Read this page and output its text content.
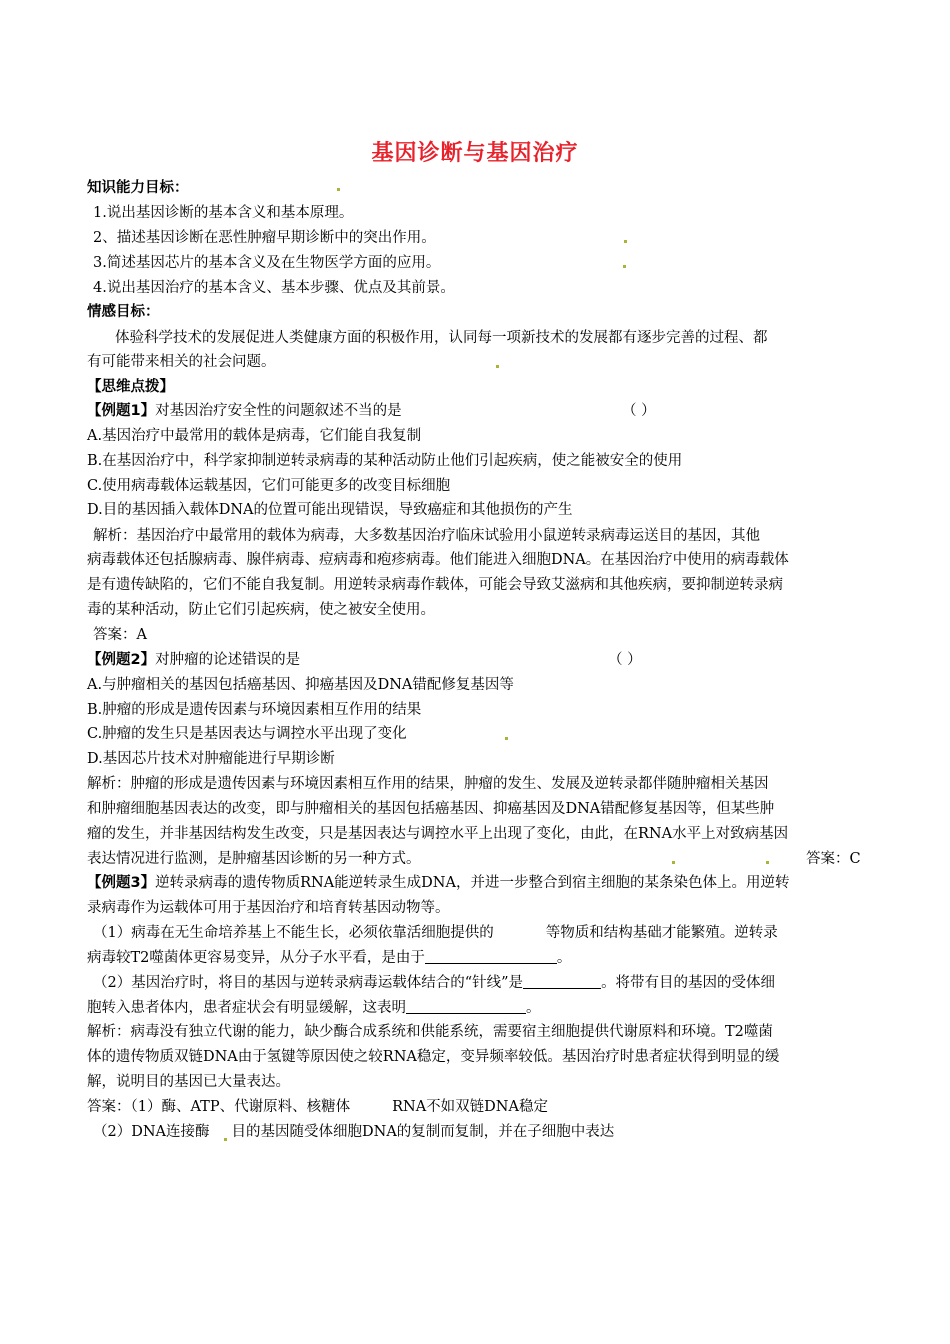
基因诊断与基因治疗
知识能力目标：
1.说出基因诊断的基本含义和基本原理。
2、描述基因诊断在恶性肿瘤早期诊断中的突出作用。
3.简述基因芯片的基本含义及在生物医学方面的应用。
4.说出基因治疗的基本含义、基本步骤、优点及其前景。
情感目标：
体验科学技术的发展促进人类健康方面的积极作用，认同每一项新技术的发展都有逐步完善的过程、都
有可能带来相关的社会问题。
【思维点拨】
【例题1】对基因治疗安全性的问题叙述不当的是	（ ）
A.基因治疗中最常用的载体是病毒，它们能自我复制
B.在基因治疗中，科学家抑制逆转录病毒的某种活动防止他们引起疾病，使之能被安全的使用
C.使用病毒载体运载基因，它们可能更多的改变目标细胞
D.目的基因插入载体DNA的位置可能出现错误，导致癌症和其他损伤的产生
解析：基因治疗中最常用的载体为病毒，大多数基因治疗临床试验用小鼠逆转录病毒运送目的基因，其他
病毒载体还包括腺病毒、腺伴病毒、痘病毒和疱疹病毒。他们能进入细胞DNA。在基因治疗中使用的病毒载体
是有遗传缺陷的，它们不能自我复制。用逆转录病毒作载体，可能会导致艾滋病和其他疾病，要抑制逆转录病
毒的某种活动，防止它们引起疾病，使之被安全使用。
答案：A
【例题2】对肿瘤的论述错误的是	（ ）
A.与肿瘤相关的基因包括癌基因、抑癌基因及DNA错配修复基因等
B.肿瘤的形成是遗传因素与环境因素相互作用的结果
C.肿瘤的发生只是基因表达与调控水平出现了变化
D.基因芯片技术对肿瘤能进行早期诊断
解析：肿瘤的形成是遗传因素与环境因素相互作用的结果，肿瘤的发生、发展及逆转录都伴随肿瘤相关基因
和肿瘤细胞基因表达的改变，即与肿瘤相关的基因包括癌基因、抑癌基因及DNA错配修复基因等，但某些肿
瘤的发生，并非基因结构发生改变，只是基因表达与调控水平上出现了变化，由此，在RNA水平上对致病基因
表达情况进行监测，是肿瘤基因诊断的另一种方式。	答案：C
【例题3】逆转录病毒的遗传物质RNA能逆转录生成DNA，并进一步整合到宿主细胞的某条染色体上。用逆转
录病毒作为运载体可用于基因治疗和培育转基因动物等。
（1）病毒在无生命培养基上不能生长，必须依靠活细胞提供的	等物质和结构基础才能繁殖。逆转录
病毒较T2噬菌体更容易变异，从分子水平看，是由于	。
（2）基因治疗时，将目的基因与逆转录病毒运载体结合的“针线”是	。将带有目的基因的受体细
胞转入患者体内，患者症状会有明显缓解，这表明	。
解析：病毒没有独立代谢的能力，缺少酶合成系统和供能系统，需要宿主细胞提供代谢原料和环境。T2噬菌
体的遗传物质双链DNA由于氢键等原因使之较RNA稳定，变异频率较低。基因治疗时患者症状得到明显的缓
解，说明目的基因已大量表达。
答案：（1）酶、ATP、代谢原料、核糖体	RNA不如双链DNA稳定
（2）DNA连接酶 目的基因随受体细胞DNA的复制而复制，并在子细胞中表达
